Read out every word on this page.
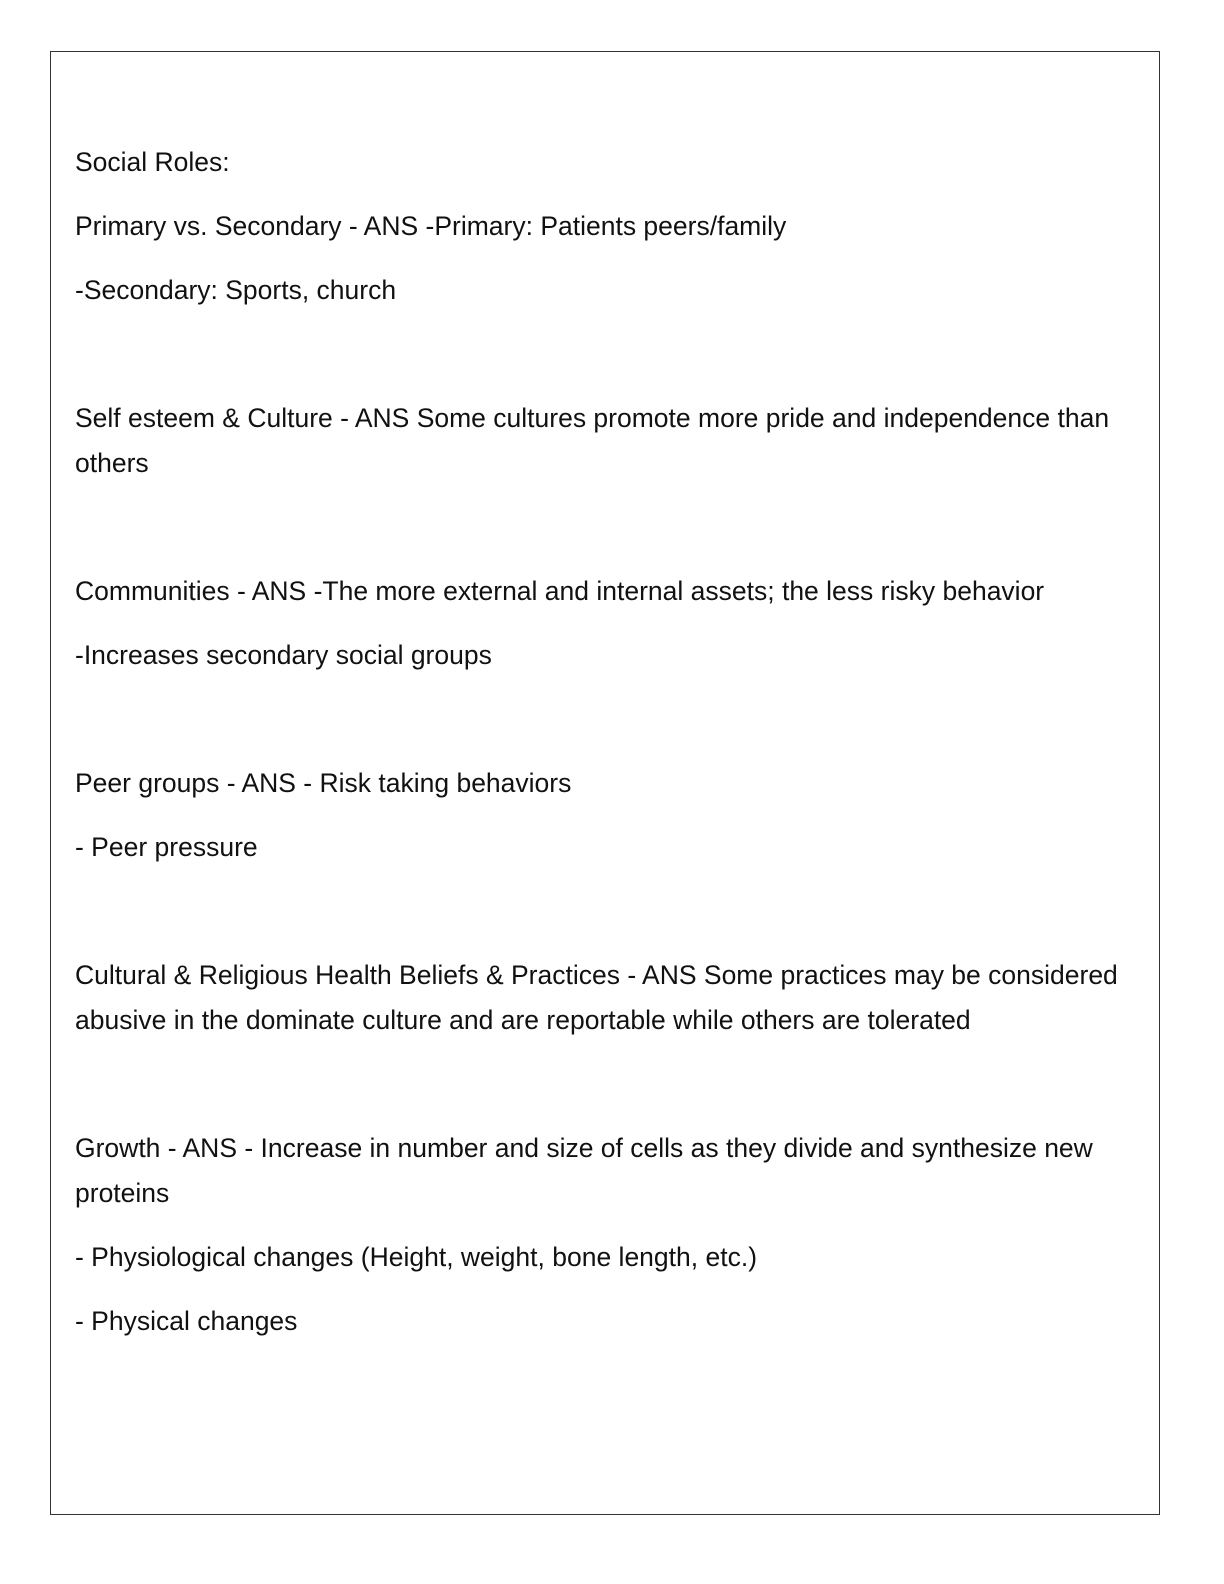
Social Roles:

Primary vs. Secondary - ANS -Primary: Patients peers/family

-Secondary: Sports, church

Self esteem & Culture - ANS Some cultures promote more pride and independence than others

Communities - ANS -The more external and internal assets; the less risky behavior

-Increases secondary social groups

Peer groups - ANS - Risk taking behaviors

- Peer pressure

Cultural & Religious Health Beliefs & Practices - ANS Some practices may be considered abusive in the dominate culture and are reportable while others are tolerated

Growth - ANS - Increase in number and size of cells as they divide and synthesize new proteins

- Physiological changes (Height, weight, bone length, etc.)

- Physical changes
